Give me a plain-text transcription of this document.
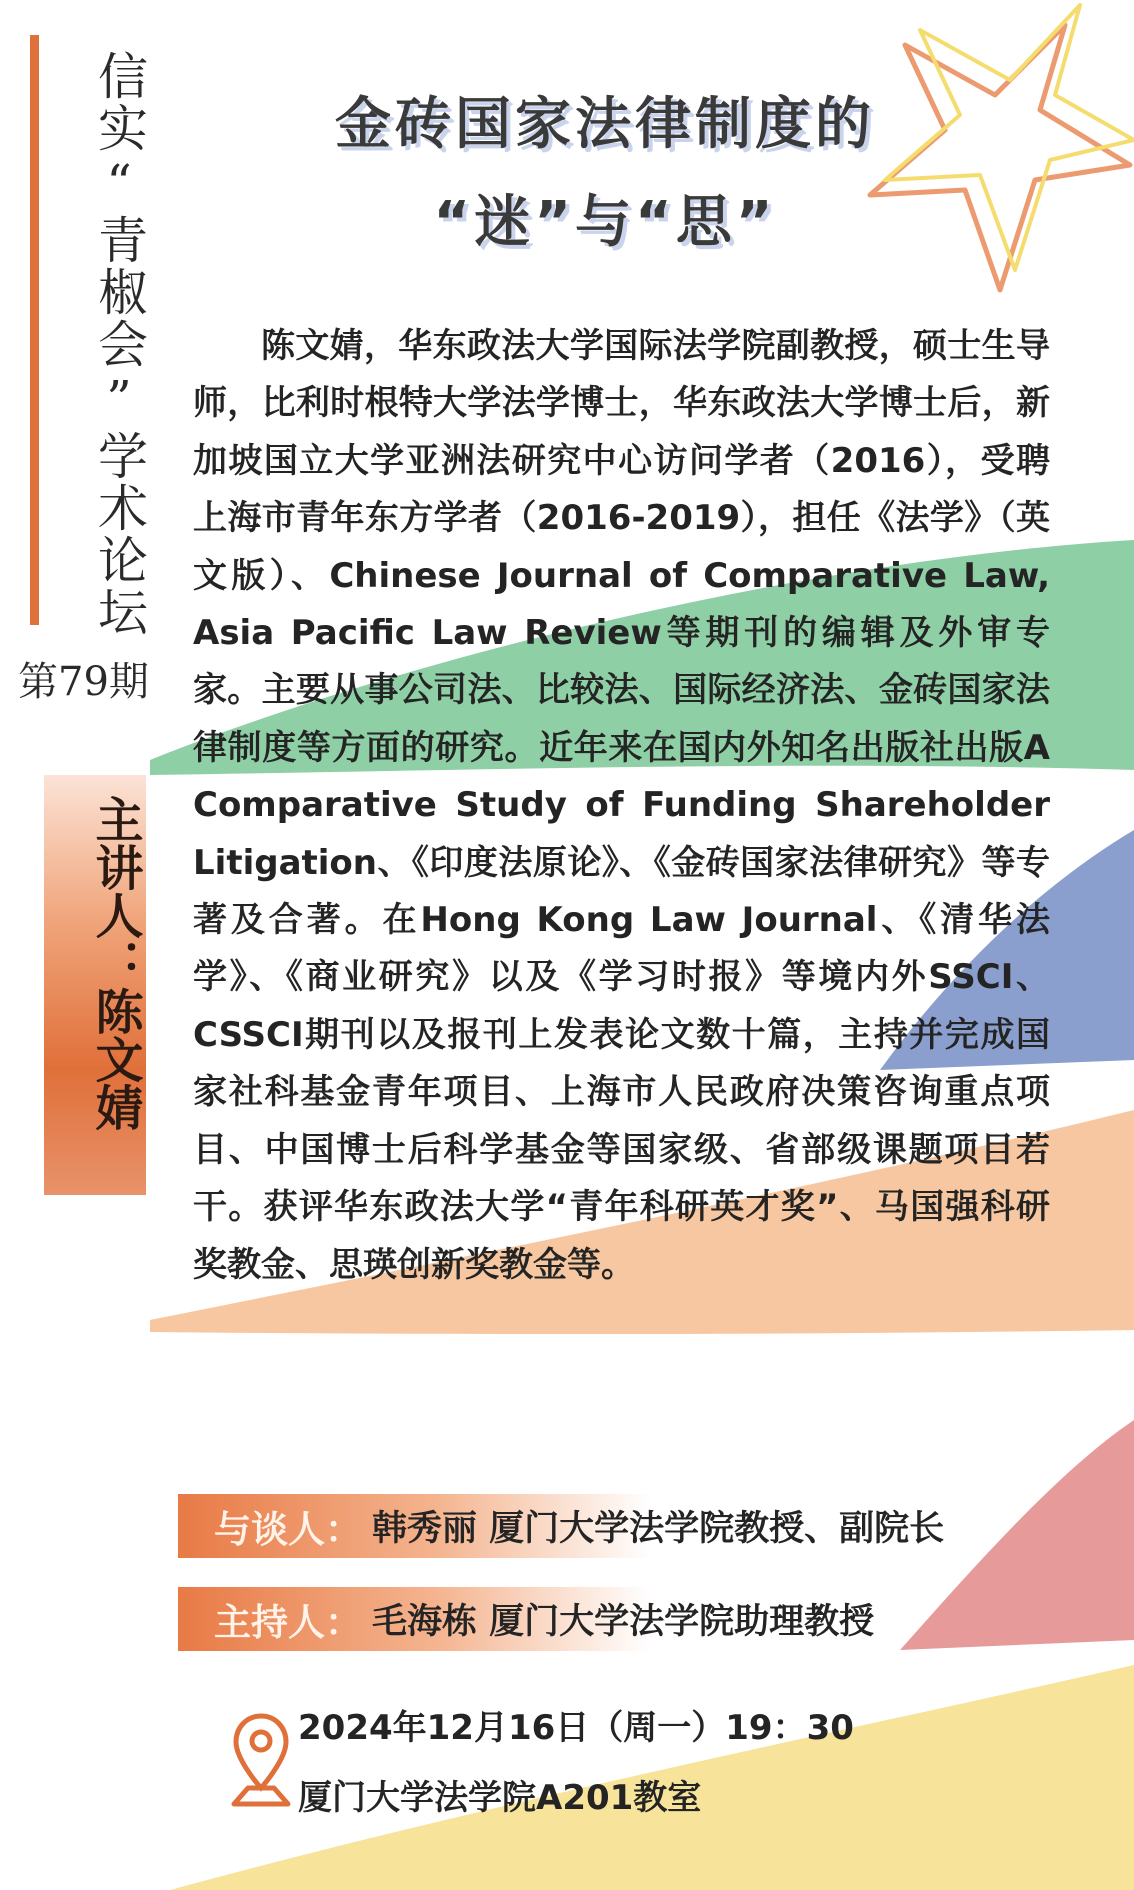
信实“青椒会”学术论坛
第79期
主讲人：陈文婧
金砖国家法律制度的
“迷”与“思”

陈文婧，华东政法大学国际法学院副教授，硕士生导师，比利时根特大学法学博士，华东政法大学博士后，新加坡国立大学亚洲法研究中心访问学者（2016），受聘上海市青年东方学者（2016-2019），担任《法学》（英文版）、Chinese Journal of Comparative Law, Asia Pacific Law Review等期刊的编辑及外审专家。主要从事公司法、比较法、国际经济法、金砖国家法律制度等方面的研究。近年来在国内外知名出版社出版A Comparative Study of Funding Shareholder Litigation、《印度法原论》、《金砖国家法律研究》等专著及合著。在Hong Kong Law Journal、《清华法学》、《商业研究》以及《学习时报》等境内外SSCI、CSSCI期刊以及报刊上发表论文数十篇，主持并完成国家社科基金青年项目、上海市人民政府决策咨询重点项目、中国博士后科学基金等国家级、省部级课题项目若干。获评华东政法大学“青年科研英才奖”、马国强科研奖教金、思瑛创新奖教金等。

与谈人： 韩秀丽 厦门大学法学院教授、副院长
主持人： 毛海栋 厦门大学法学院助理教授
2024年12月16日（周一）19：30
厦门大学法学院A201教室
